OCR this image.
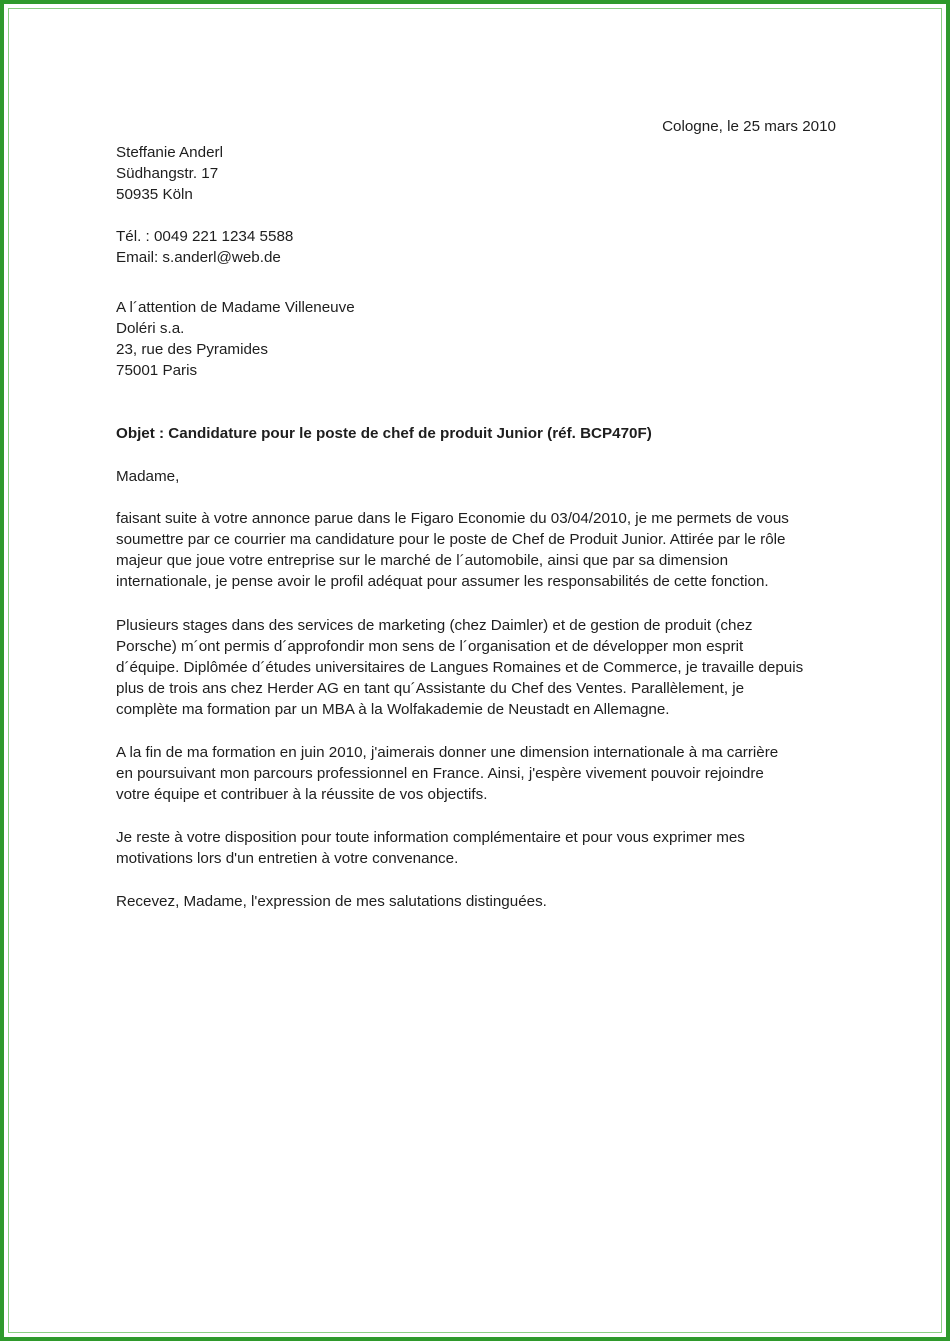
Cologne, le 25 mars 2010
Steffanie Anderl
Südhangstr. 17
50935 Köln
Tél. : 0049 221 1234 5588
Email: s.anderl@web.de
A l´attention de Madame Villeneuve
Doléri s.a.
23, rue des Pyramides
75001 Paris
Objet : Candidature pour le poste de chef de produit Junior (réf. BCP470F)
Madame,
faisant suite à votre annonce parue dans le Figaro Economie du 03/04/2010, je me permets de vous
soumettre par ce courrier ma candidature pour le poste de Chef de Produit Junior. Attirée par le rôle
majeur que joue votre entreprise sur le marché de l´automobile, ainsi que par sa dimension
internationale, je pense avoir le profil adéquat pour assumer les responsabilités de cette fonction.
Plusieurs stages dans des services de marketing (chez Daimler) et de gestion de produit (chez
Porsche) m´ont permis d´approfondir mon sens de l´organisation et de développer mon esprit
d´équipe. Diplômée d´études universitaires de Langues Romaines et de Commerce, je travaille depuis
plus de trois ans chez Herder AG en tant qu´Assistante du Chef des Ventes. Parallèlement, je
complète ma formation par un MBA à la Wolfakademie de Neustadt en Allemagne.
A la fin de ma formation en juin 2010, j'aimerais donner une dimension internationale à ma carrière
en poursuivant mon parcours professionnel en France. Ainsi, j'espère vivement pouvoir rejoindre
votre équipe et contribuer à la réussite de vos objectifs.
Je reste à votre disposition pour toute information complémentaire et pour vous exprimer mes
motivations lors d'un entretien à votre convenance.
Recevez, Madame, l'expression de mes salutations distinguées.
